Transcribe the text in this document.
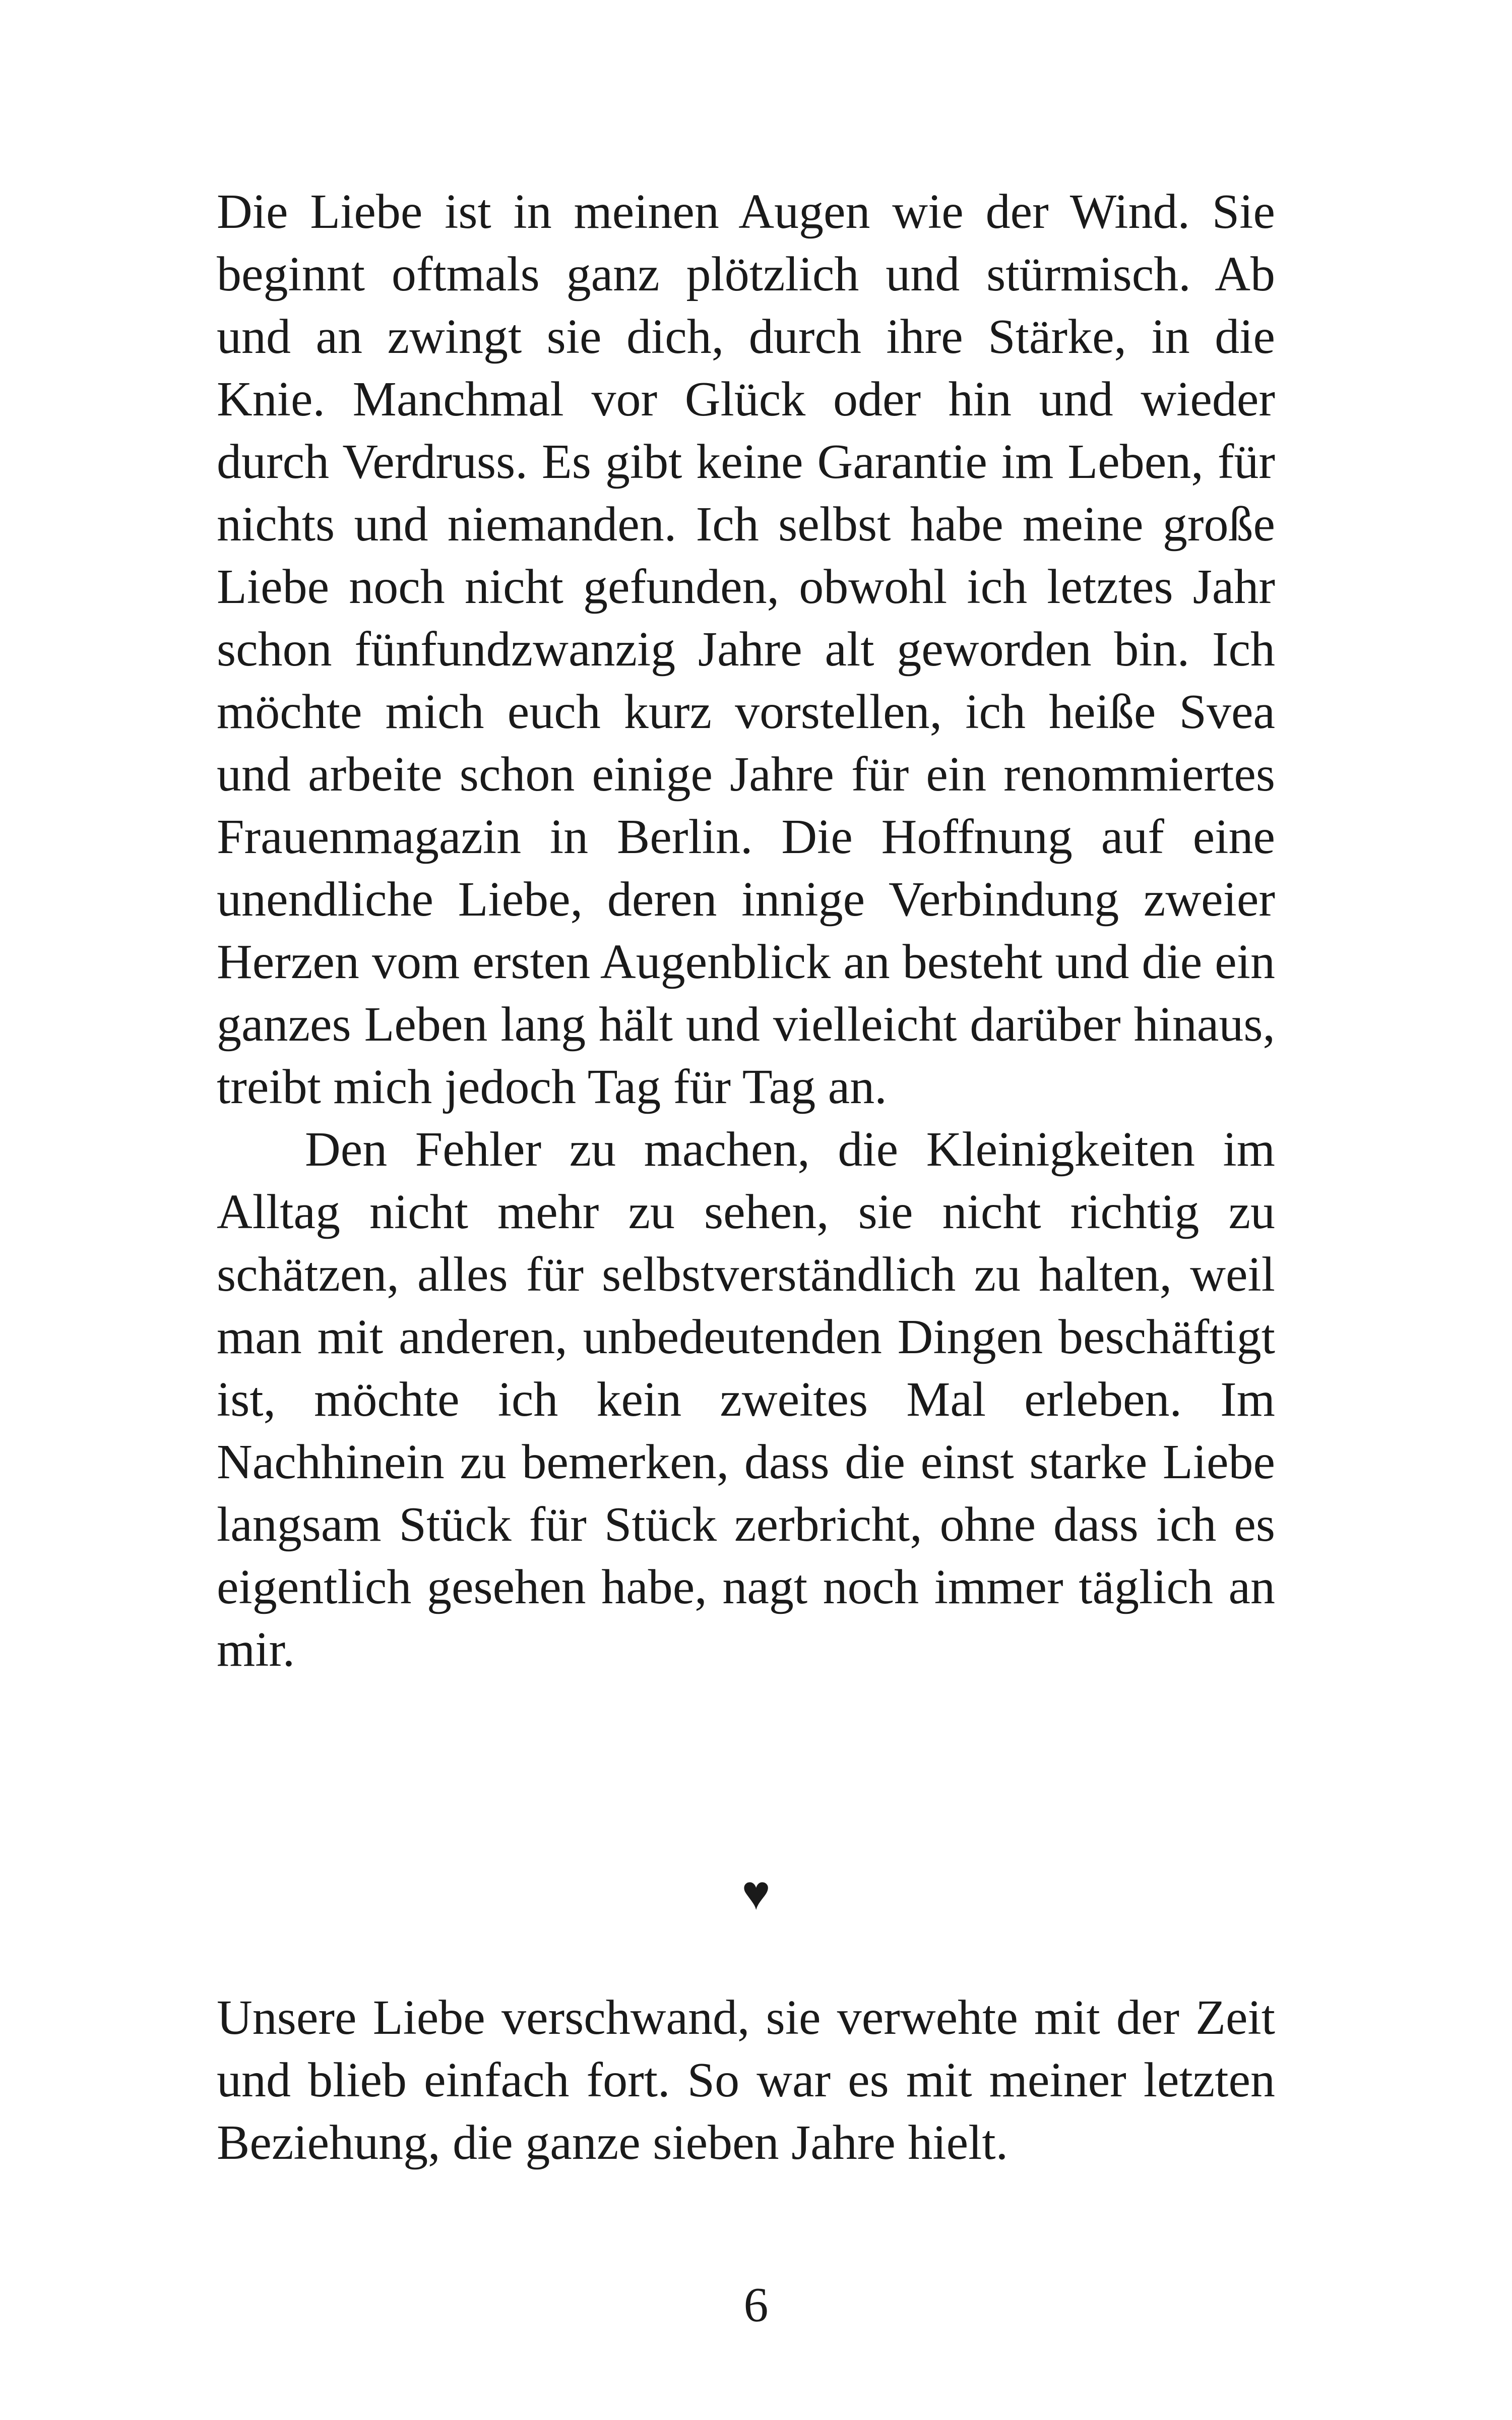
Die Liebe ist in meinen Augen wie der Wind. Sie beginnt oftmals ganz plötzlich und stürmisch. Ab und an zwingt sie dich, durch ihre Stärke, in die Knie. Manchmal vor Glück oder hin und wieder durch Verdruss. Es gibt keine Garantie im Leben, für nichts und niemanden. Ich selbst habe meine große Liebe noch nicht gefunden, obwohl ich letztes Jahr schon fünfundzwanzig Jahre alt geworden bin. Ich möchte mich euch kurz vorstellen, ich heiße Svea und arbeite schon einige Jahre für ein renommiertes Frauenmagazin in Berlin. Die Hoffnung auf eine unendliche Liebe, deren innige Verbindung zweier Herzen vom ersten Augenblick an besteht und die ein ganzes Leben lang hält und vielleicht darüber hinaus, treibt mich jedoch Tag für Tag an.

Den Fehler zu machen, die Kleinigkeiten im Alltag nicht mehr zu sehen, sie nicht richtig zu schätzen, alles für selbstverständlich zu halten, weil man mit anderen, unbedeutenden Dingen beschäftigt ist, möchte ich kein zweites Mal erleben. Im Nachhinein zu bemerken, dass die einst starke Liebe langsam Stück für Stück zerbricht, ohne dass ich es eigentlich gesehen habe, nagt noch immer täglich an mir.

♥

Unsere Liebe verschwand, sie verwehte mit der Zeit und blieb einfach fort. So war es mit meiner letzten Beziehung, die ganze sieben Jahre hielt.

6
